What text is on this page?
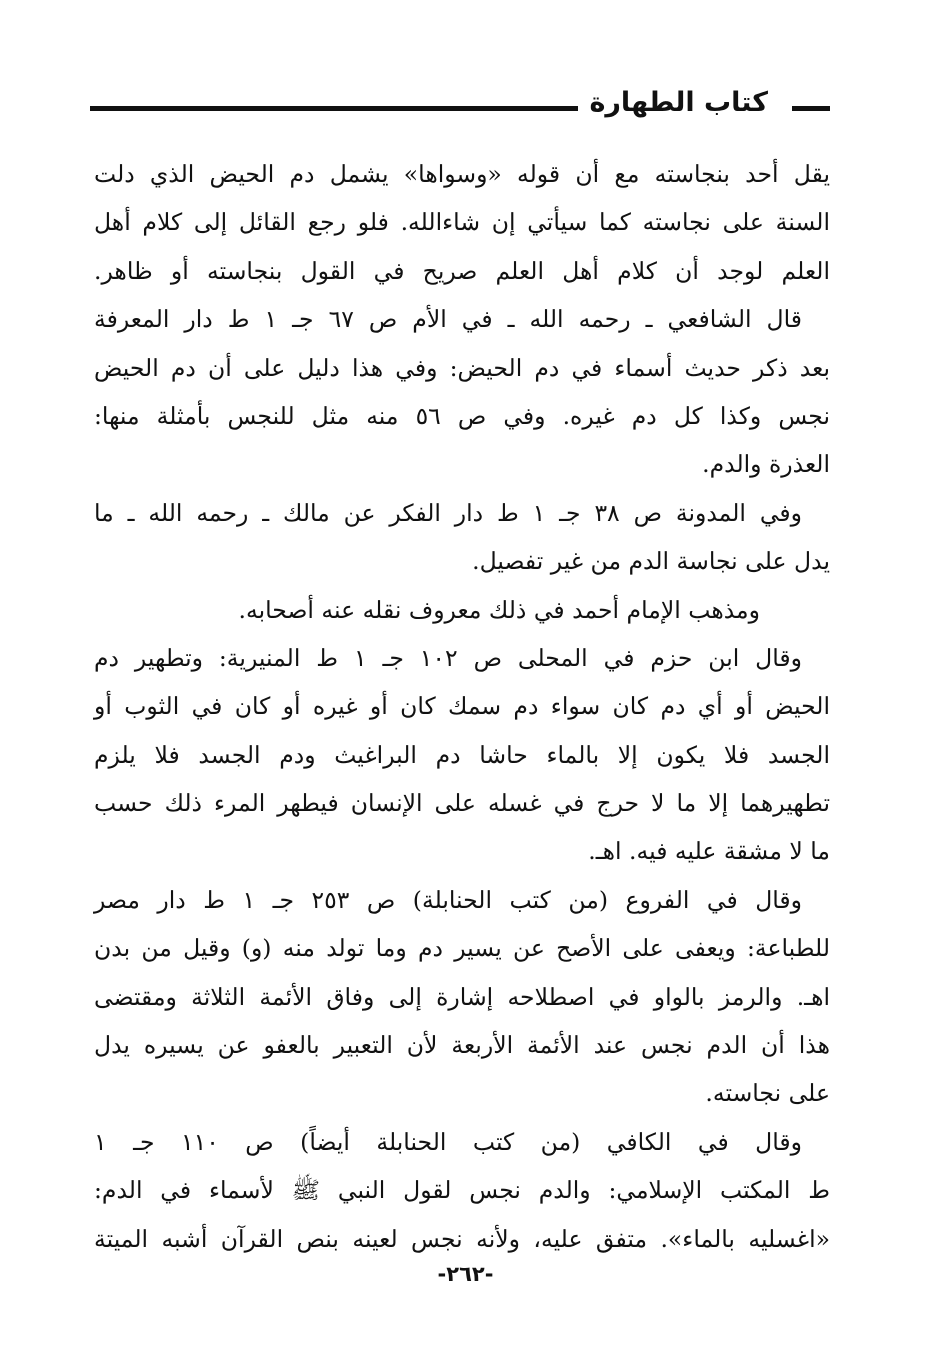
كتاب الطهارة
يقل أحد بنجاسته مع أن قوله «وسواها» يشمل دم الحيض الذي دلت
السنة على نجاسته كما سيأتي إن شاءالله. فلو رجع القائل إلى كلام أهل
العلم لوجد أن كلام أهل العلم صريح في القول بنجاسته أو ظاهر.
قال الشافعي ـ رحمه الله ـ في الأم ص ٦٧ جـ ١ ط دار المعرفة
بعد ذكر حديث أسماء في دم الحيض: وفي هذا دليل على أن دم الحيض
نجس وكذا كل دم غيره. وفي ص ٥٦ منه مثل للنجس بأمثلة منها:
العذرة والدم.
وفي المدونة ص ٣٨ جـ ١ ط دار الفكر عن مالك ـ رحمه الله ـ ما
يدل على نجاسة الدم من غير تفصيل.
ومذهب الإمام أحمد في ذلك معروف نقله عنه أصحابه.
وقال ابن حزم في المحلى ص ١٠٢ جـ ١ ط المنيرية: وتطهير دم
الحيض أو أي دم كان سواء دم سمك كان أو غيره أو كان في الثوب أو
الجسد فلا يكون إلا بالماء حاشا دم البراغيث ودم الجسد فلا يلزم
تطهيرهما إلا ما لا حرج في غسله على الإنسان فيطهر المرء ذلك حسب
ما لا مشقة عليه فيه. اهـ.
وقال في الفروع (من كتب الحنابلة) ص ٢٥٣ جـ ١ ط دار مصر
للطباعة: ويعفى على الأصح عن يسير دم وما تولد منه (و) وقيل من بدن
اهـ. والرمز بالواو في اصطلاحه إشارة إلى وفاق الأئمة الثلاثة ومقتضى
هذا أن الدم نجس عند الأئمة الأربعة لأن التعبير بالعفو عن يسيره يدل
على نجاسته.
وقال في الكافي (من كتب الحنابلة أيضاً) ص ١١٠ جـ ١
ط المكتب الإسلامي: والدم نجس لقول النبي ﷺ لأسماء في الدم:
«اغسليه بالماء». متفق عليه، ولأنه نجس لعينه بنص القرآن أشبه الميتة
-٢٦٢-
